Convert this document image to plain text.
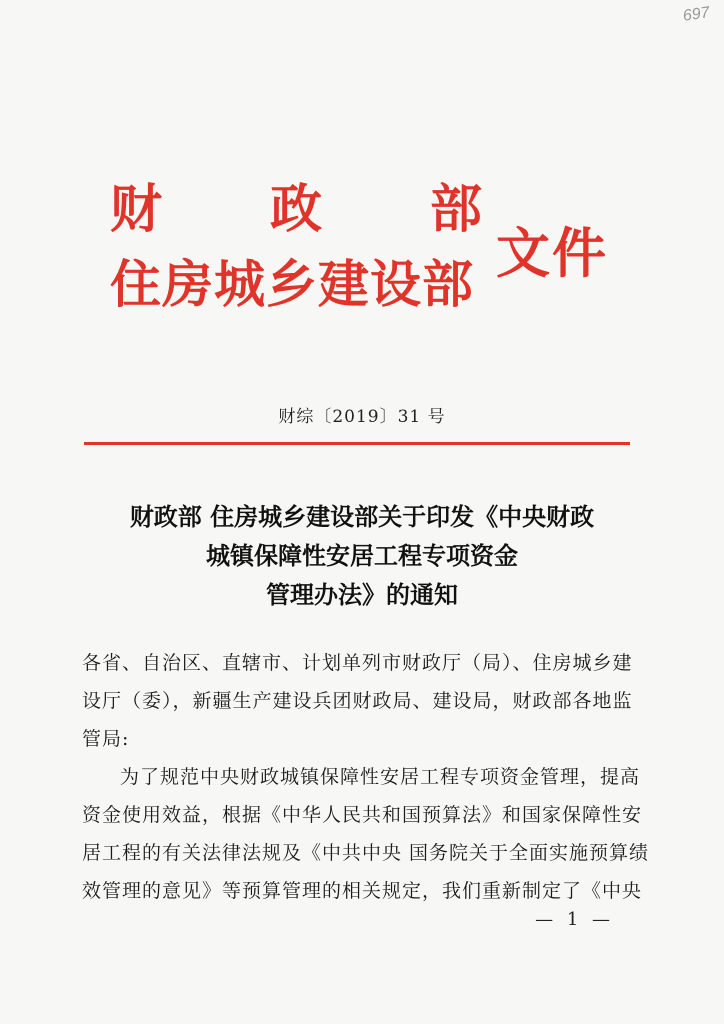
697
财 政 部
住房城乡建设部
文件
财综〔2019〕31 号
财政部 住房城乡建设部关于印发《中央财政
城镇保障性安居工程专项资金
管理办法》的通知
各省、自治区、直辖市、计划单列市财政厅（局）、住房城乡建
设厅（委），新疆生产建设兵团财政局、建设局，财政部各地监
管局:
为了规范中央财政城镇保障性安居工程专项资金管理，提高
资金使用效益，根据《中华人民共和国预算法》和国家保障性安
居工程的有关法律法规及《中共中央 国务院关于全面实施预算绩
效管理的意见》等预算管理的相关规定，我们重新制定了《中央
— 1 —
